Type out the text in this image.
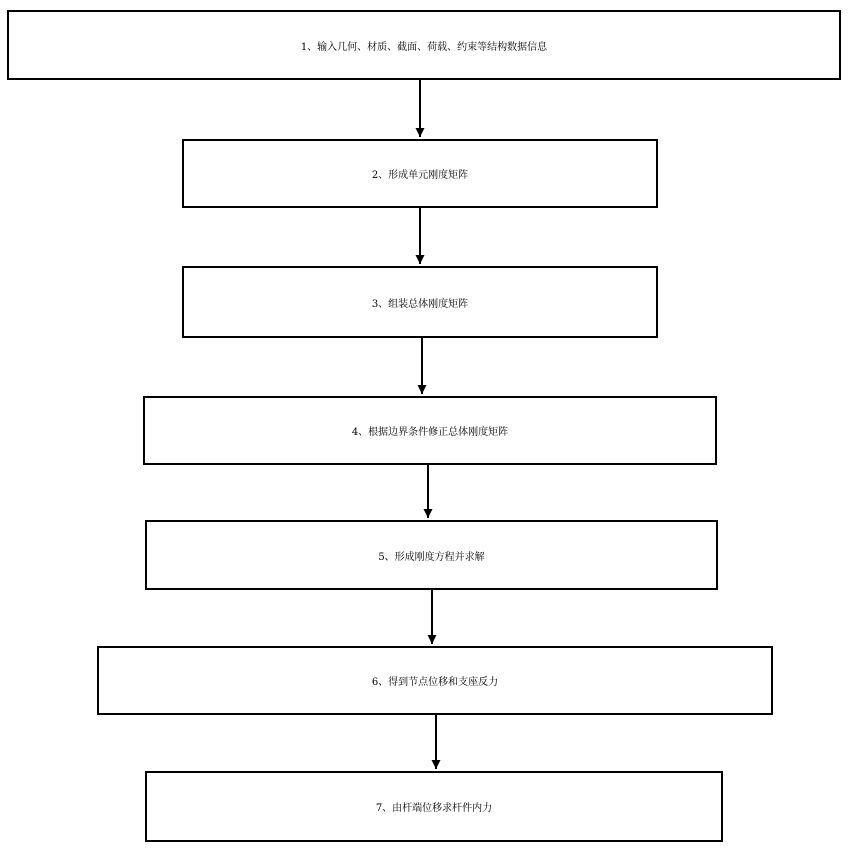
1、输入几何、材质、截面、荷载、约束等结构数据信息
2、形成单元刚度矩阵
3、组装总体刚度矩阵
4、根据边界条件修正总体刚度矩阵
5、形成刚度方程并求解
6、得到节点位移和支座反力
7、由杆端位移求杆件内力
